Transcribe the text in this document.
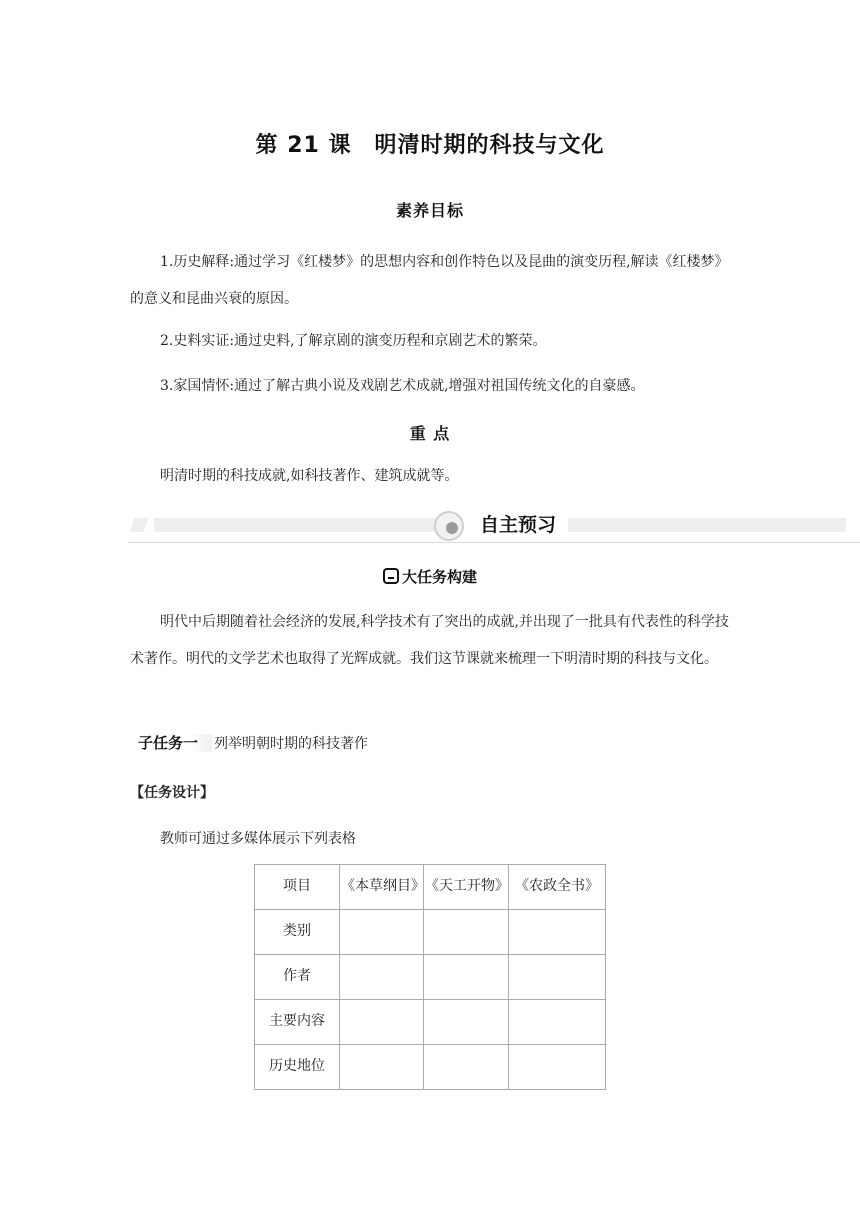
第 21 课　明清时期的科技与文化
素养目标
1.历史解释:通过学习《红楼梦》的思想内容和创作特色以及昆曲的演变历程,解读《红楼梦》的意义和昆曲兴衰的原因。
2.史料实证:通过史料,了解京剧的演变历程和京剧艺术的繁荣。
3.家国情怀:通过了解古典小说及戏剧艺术成就,增强对祖国传统文化的自豪感。
重 点
明清时期的科技成就,如科技著作、建筑成就等。
自主预习
大任务构建
明代中后期随着社会经济的发展,科学技术有了突出的成就,并出现了一批具有代表性的科学技术著作。明代的文学艺术也取得了光辉成就。我们这节课就来梳理一下明清时期的科技与文化。
子任务一 列举明朝时期的科技著作
【任务设计】
教师可通过多媒体展示下列表格
项目	《本草纲目》	《天工开物》	《农政全书》
类别			
作者			
主要内容			
历史地位			
